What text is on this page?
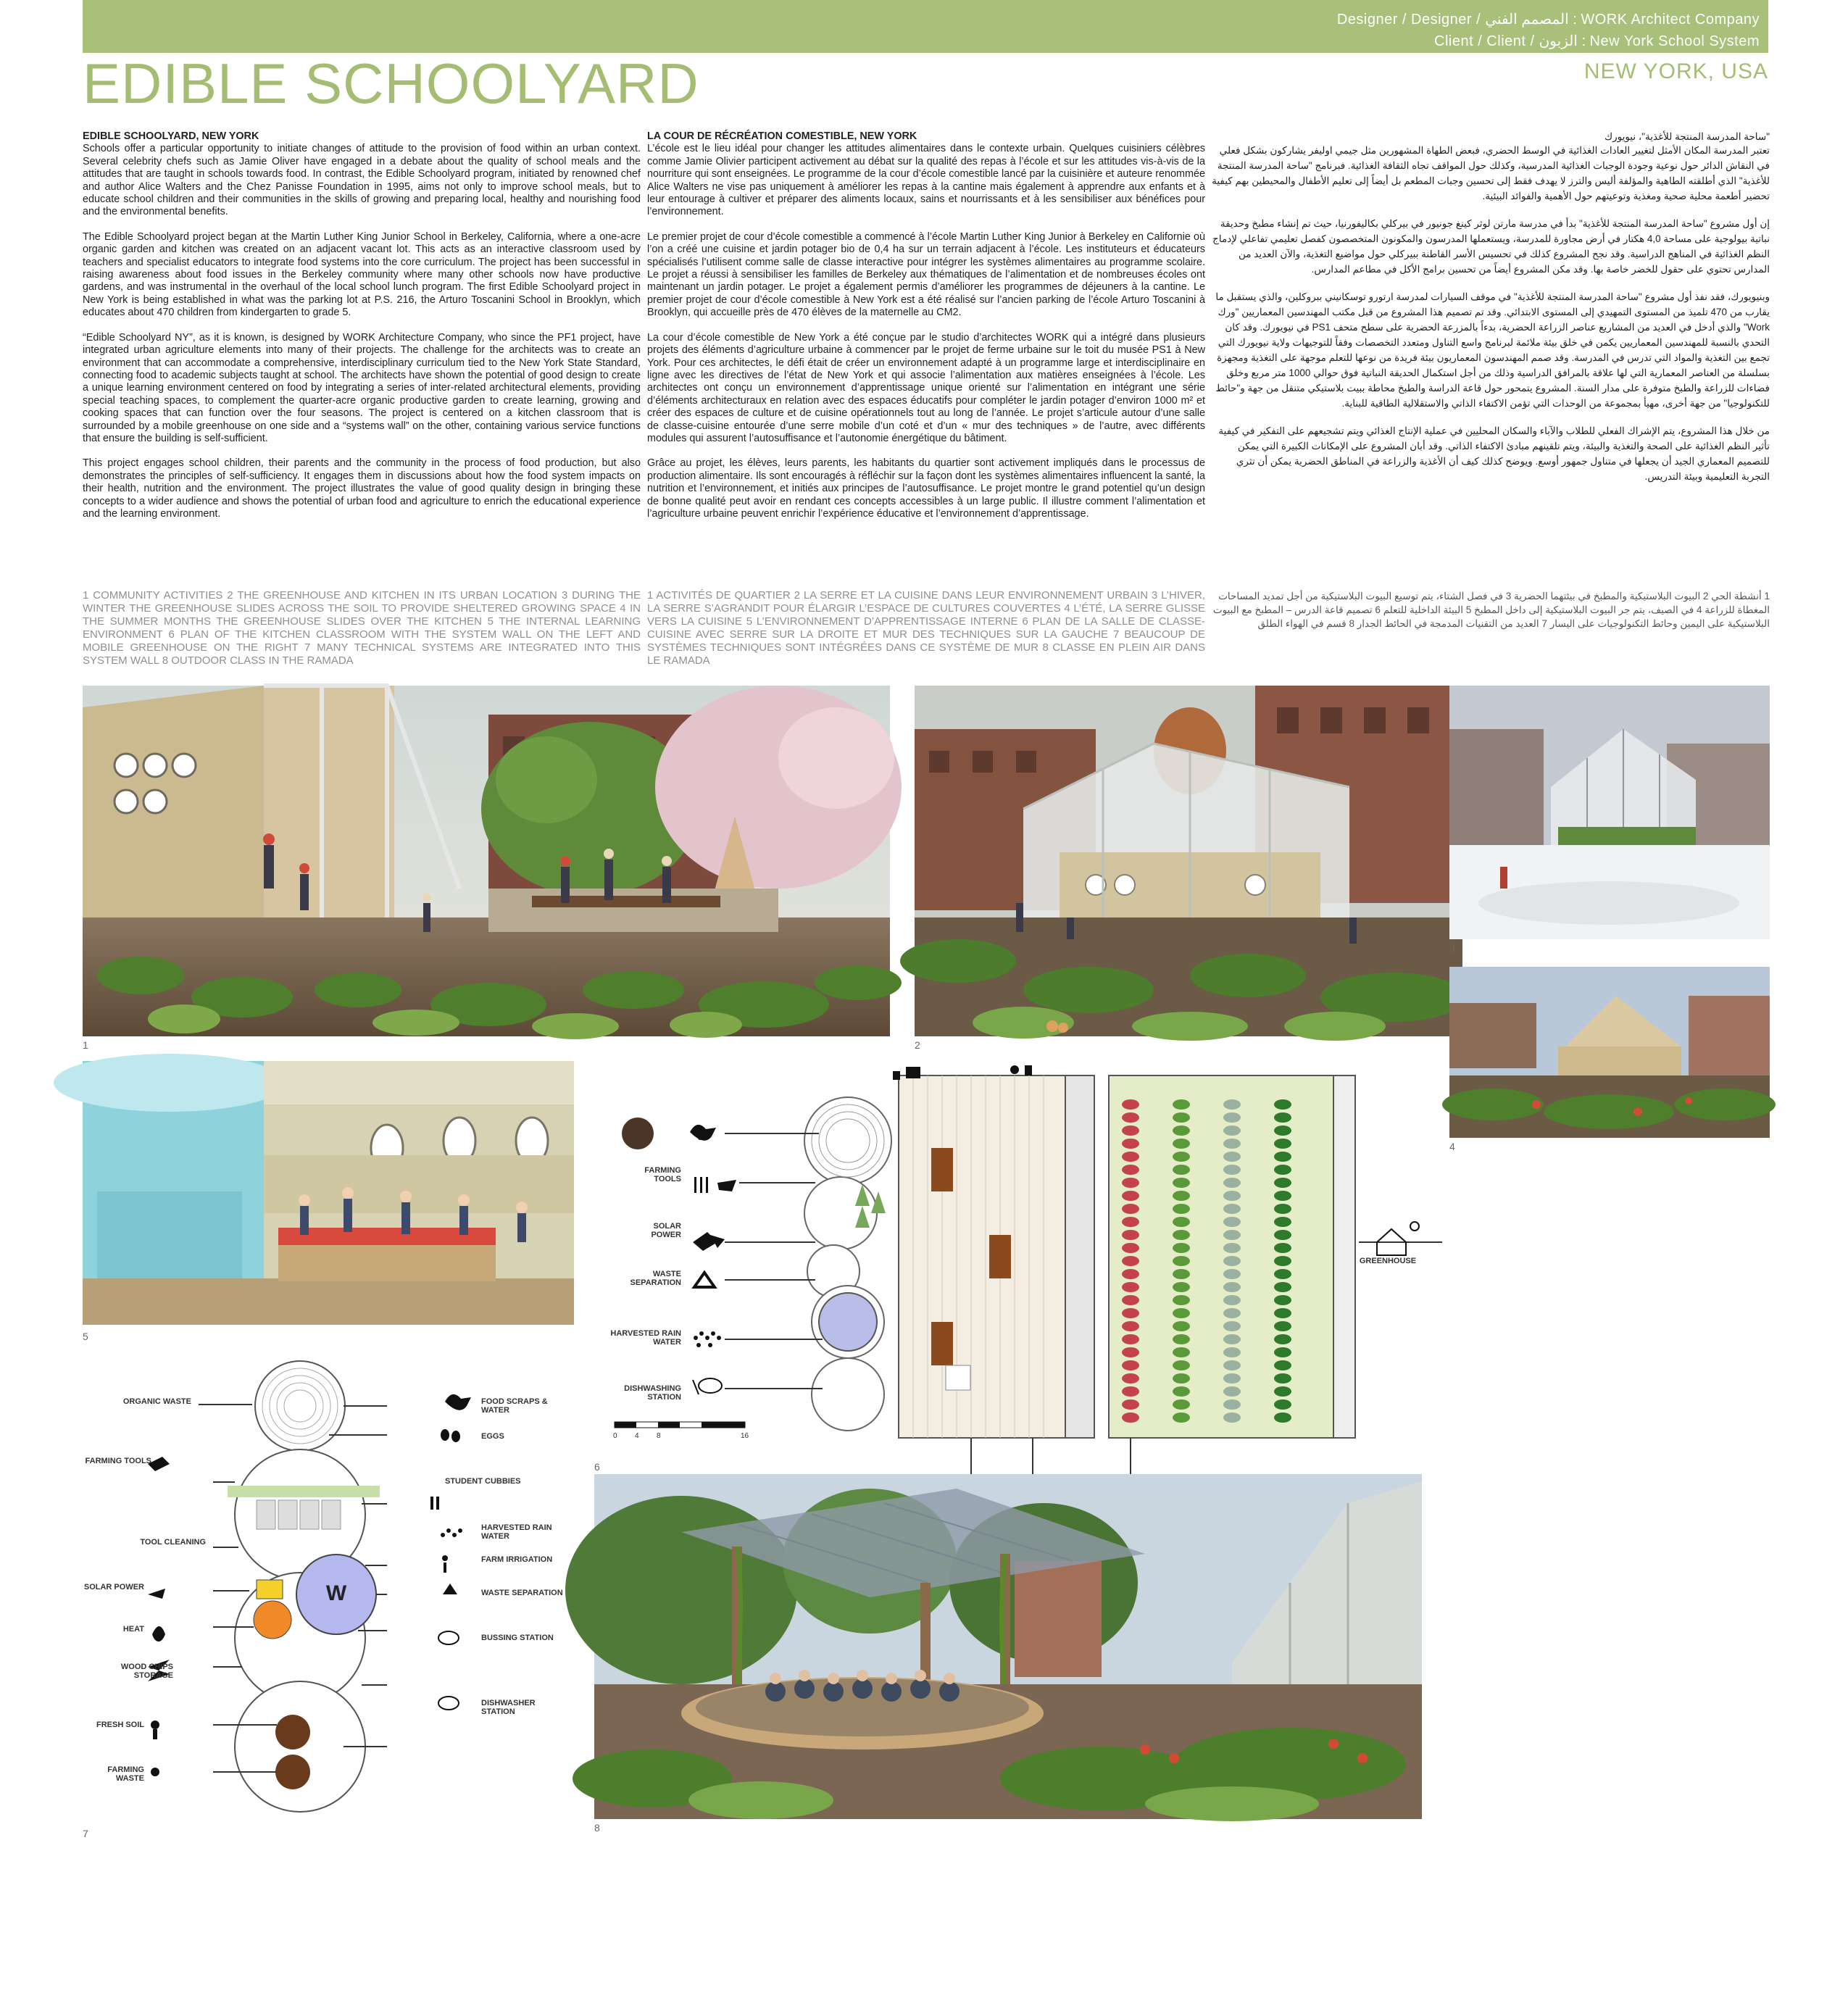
Designer / Designer / المصمم الفني : WORK Architect Company
Client / Client / الزبون : New York School System
EDIBLE SCHOOLYARD	NEW YORK, USA
EDIBLE SCHOOLYARD, NEW YORK

Schools offer a particular opportunity to initiate changes of attitude to the provision of food within an urban context. Several celebrity chefs such as Jamie Oliver have engaged in a debate about the quality of school meals and the attitudes that are taught in schools towards food. In contrast, the Edible Schoolyard program, initiated by renowned chef and author Alice Walters and the Chez Panisse Foundation in 1995, aims not only to improve school meals, but to educate school children and their communities in the skills of growing and preparing local, healthy and nourishing food and the environmental benefits.

The Edible Schoolyard project began at the Martin Luther King Junior School in Berkeley, California, where a one-acre organic garden and kitchen was created on an adjacent vacant lot. This acts as an interactive classroom used by teachers and specialist educators to integrate food systems into the core curriculum. The project has been successful in raising awareness about food issues in the Berkeley community where many other schools now have productive gardens, and was instrumental in the overhaul of the local school lunch program. The first Edible Schoolyard project in New York is being established in what was the parking lot at P.S. 216, the Arturo Toscanini School in Brooklyn, which educates about 470 children from kindergarten to grade 5.

“Edible Schoolyard NY”, as it is known, is designed by WORK Architecture Company, who since the PF1 project, have integrated urban agriculture elements into many of their projects. The challenge for the architects was to create an environment that can accommodate a comprehensive, interdisciplinary curriculum tied to the New York State Standard, connecting food to academic subjects taught at school. The architects have shown the potential of good design to create a unique learning environment centered on food by integrating a series of inter-related architectural elements, providing special teaching spaces, to complement the quarter-acre organic productive garden to create learning, growing and cooking spaces that can function over the four seasons. The project is centered on a kitchen classroom that is surrounded by a mobile greenhouse on one side and a “systems wall” on the other, containing various service functions that ensure the building is self-sufficient.

This project engages school children, their parents and the community in the process of food production, but also demonstrates the principles of self-sufficiency. It engages them in discussions about how the food system impacts on their health, nutrition and the environment. The project illustrates the value of good quality design in bringing these concepts to a wider audience and shows the potential of urban food and agriculture to enrich the educational experience and the learning environment.

LA COUR DE RÉCRÉATION COMESTIBLE, NEW YORK

L’école est le lieu idéal pour changer les attitudes alimentaires dans le contexte urbain. Quelques cuisiniers célèbres comme Jamie Olivier participent activement au débat sur la qualité des repas à l’école et sur les attitudes vis-à-vis de la nourriture qui sont enseignées. Le programme de la cour d’école comestible lancé par la cuisinière et auteure renommée Alice Walters ne vise pas uniquement à améliorer les repas à la cantine mais également à apprendre aux enfants et à leur entourage à cultiver et préparer des aliments locaux, sains et nourrissants et à les sensibiliser aux bénéfices pour l’environnement.

Le premier projet de cour d’école comestible a commencé à l’école Martin Luther King Junior à Berkeley en Californie où l’on a créé une cuisine et jardin potager bio de 0,4 ha sur un terrain adjacent à l’école. Les instituteurs et éducateurs spécialisés l’utilisent comme salle de classe interactive pour intégrer les systèmes alimentaires au programme scolaire. Le projet a réussi à sensibiliser les familles de Berkeley aux thématiques de l’alimentation et de nombreuses écoles ont maintenant un jardin potager. Le projet a également permis d’améliorer les programmes de déjeuners à la cantine. Le premier projet de cour d’école comestible à New York est a été réalisé sur l’ancien parking de l’école Arturo Toscanini à Brooklyn, qui accueille près de 470 élèves de la maternelle au CM2.

La cour d’école comestible de New York a été conçue par le studio d’architectes WORK qui a intégré dans plusieurs projets des éléments d’agriculture urbaine à commencer par le projet de ferme urbaine sur le toit du musée PS1 à New York. Pour ces architectes, le défi était de créer un environnement adapté à un programme large et interdisciplinaire en ligne avec les directives de l’état de New York et qui associe l’alimentation aux matières enseignées à l’école. Les architectes ont conçu un environnement d’apprentissage unique orienté sur l’alimentation en intégrant une série d’éléments architecturaux en relation avec des espaces éducatifs pour compléter le jardin potager d’environ 1000 m² et créer des espaces de culture et de cuisine opérationnels tout au long de l’année. Le projet s’articule autour d’une salle de classe-cuisine entourée d’une serre mobile d’un coté et d’un « mur des techniques » de l’autre, avec différents modules qui assurent l’autosuffisance et l’autonomie énergétique du bâtiment.

Grâce au projet, les élèves, leurs parents, les habitants du quartier sont activement impliqués dans le processus de production alimentaire. Ils sont encouragés à réfléchir sur la façon dont les systèmes alimentaires influencent la santé, la nutrition et l’environnement, et initiés aux principes de l’autosuffisance. Le projet montre le grand potentiel qu’un design de bonne qualité peut avoir en rendant ces concepts accessibles à un large public. Il illustre comment l’alimentation et l’agriculture urbaine peuvent enrichir l’expérience éducative et l’environnement d’apprentissage.

"ساحة المدرسة المنتجة للأغذية"، نيويورك

تعتبر المدرسة المكان الأمثل لتغيير العادات الغذائية في الوسط الحضري، فبعض الطهاة المشهورين مثل جيمي اوليفر يشاركون بشكل فعلي في النقاش الدائر حول نوعية وجودة الوجبات الغذائية المدرسية، وكذلك حول المواقف تجاه الثقافة الغذائية. فبرنامج "ساحة المدرسة المنتجة للأغذية" الذي أطلقته الطاهية والمؤلفة أليس والترز لا يهدف فقط إلى تحسين وجبات المطعم بل أيضاً إلى تعليم الأطفال والمحيطين بهم كيفية تحضير أطعمة محلية صحية ومغذية وتوعيتهم حول الأهمية والفوائد البيئية.

إن أول مشروع "ساحة المدرسة المنتجة للأغذية" بدأ في مدرسة مارتن لوثر كينغ جونيور في بيركلي بكاليفورنيا، حيث تم إنشاء مطبخ وحديقة نباتية بيولوجية على مساحة 4,0 هكتار في أرض مجاورة للمدرسة، ويستعملها المدرسون والمكونون المتخصصون كفصل تعليمي تفاعلي لإدماج النظم الغذائية في المناهج الدراسية. وقد نجح المشروع كذلك في تحسيس الأسر القاطنة ببيركلي حول مواضيع التغذية، والآن العديد من المدارس تحتوي على حقول للخضر خاصة بها. وقد مكن المشروع أيضاً من تحسين برامج الأكل في مطاعم المدارس.

وبنيويورك، فقد نفذ أول مشروع "ساحة المدرسة المنتجة للأغذية" في موقف السيارات لمدرسة ارتورو توسكانيني ببروكلين، والذي يستقبل ما يقارب من 470 تلميذ من المستوى التمهيدي إلى المستوى الابتدائي. وقد تم تصميم هذا المشروع من قبل مكتب المهندسين المعماريين "ورك Work" والذي أدخل في العديد من المشاريع عناصر الزراعة الحضرية، بدءاً بالمزرعة الحضرية على سطح متحف PS1 في نيويورك. وقد كان التحدي بالنسبة للمهندسين المعماريين يكمن في خلق بيئة ملائمة لبرنامج واسع التناول ومتعدد التخصصات وفقاً للتوجيهات ولاية نيويورك التي تجمع بين التغذية والمواد التي تدرس في المدرسة. وقد صمم المهندسون المعماريون بيئة فريدة من نوعها للتعلم موجهة على التغذية ومجهزة بسلسلة من العناصر المعمارية التي لها علاقة بالمرافق الدراسية وذلك من أجل استكمال الحديقة النباتية فوق حوالي 1000 متر مربع وخلق فضاءات للزراعة والطبخ متوفرة على مدار السنة. المشروع يتمحور حول قاعة الدراسة والطبخ محاطة ببيت بلاستيكي متنقل من جهة و"حائط للتكنولوجيا" من جهة أخرى، مهيأ بمجموعة من الوحدات التي تؤمن الاكتفاء الذاتي والاستقلالية الطاقية للبناية.

من خلال هذا المشروع، يتم الإشراك الفعلي للطلاب والآباء والسكان المحليين في عملية الإنتاج الغذائي ويتم تشجيعهم على التفكير في كيفية تأثير النظم الغذائية على الصحة والتغذية والبيئة، ويتم تلقينهم مبادئ الاكتفاء الذاتي. وقد أبان المشروع على الإمكانات الكبيرة التي يمكن للتصميم المعماري الجيد أن يجعلها في متناول جمهور أوسع. ويوضح كذلك كيف أن الأغذية والزراعة في المناطق الحضرية يمكن أن تثري التجربة التعليمية وبيئة التدريس.

1 COMMUNITY ACTIVITIES 2 THE GREENHOUSE AND KITCHEN IN ITS URBAN LOCATION 3 DURING THE WINTER THE GREENHOUSE SLIDES ACROSS THE SOIL TO PROVIDE SHELTERED GROWING SPACE 4 IN THE SUMMER MONTHS THE GREENHOUSE SLIDES OVER THE KITCHEN 5 THE INTERNAL LEARNING ENVIRONMENT 6 PLAN OF THE KITCHEN CLASSROOM WITH THE SYSTEM WALL ON THE LEFT AND MOBILE GREENHOUSE ON THE RIGHT 7 MANY TECHNICAL SYSTEMS ARE INTEGRATED INTO THIS SYSTEM WALL 8 OUTDOOR CLASS IN THE RAMADA
1 ACTIVITÉS DE QUARTIER 2 LA SERRE ET LA CUISINE DANS LEUR ENVIRONNEMENT URBAIN 3 L’HIVER, LA SERRE S’AGRANDIT POUR ÉLARGIR L’ESPACE DE CULTURES COUVERTES 4 L’ÉTÉ, LA SERRE GLISSE VERS LA CUISINE 5 L’ENVIRONNEMENT D’APPRENTISSAGE INTERNE 6 PLAN DE LA SALLE DE CLASSE-CUISINE AVEC SERRE SUR LA DROITE ET MUR DES TECHNIQUES SUR LA GAUCHE 7 BEAUCOUP DE SYSTÈMES TECHNIQUES SONT INTÉGRÉES DANS CE SYSTÈME DE MUR 8 CLASSE EN PLEIN AIR DANS LE RAMADA
1 أنشطة الحي 2 البيوت البلاستيكية والمطبخ في بيئتهما الحضرية 3 في فصل الشتاء، يتم توسيع البيوت البلاستيكية من أجل تمديد المساحات المغطاة للزراعة 4 في الصيف، يتم جر البيوت البلاستيكية إلى داخل المطبخ 5 البيئة الداخلية للتعلم 6 تصميم قاعة الدرس – المطبخ مع البيوت البلاستيكية على اليمين وحائط التكنولوجيات على اليسار 7 العديد من التقنيات المدمجة في الحائط الجدار 8 قسم في الهواء الطلق
1	2
3
4
5
FARMING TOOLS
SOLAR POWER
WASTE SEPARATION
HARVESTED RAIN WATER
DISHWASHING STATION
GREENHOUSE
0 4 8	16
6
ORGANIC WASTE
FARMING TOOLS
TOOL CLEANING
SOLAR POWER
HEAT
WOOD CHIPS STORAGE
FRESH SOIL
FARMING WASTE
FOOD SCRAPS & WATER
EGGS
STUDENT CUBBIES
HARVESTED RAIN WATER
FARM IRRIGATION
WASTE SEPARATION
BUSSING STATION
DISHWASHER STATION
W
7	8
